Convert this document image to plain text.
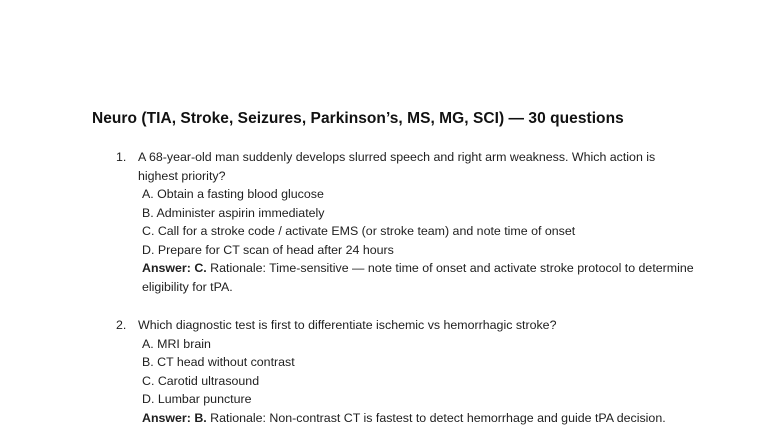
Neuro (TIA, Stroke, Seizures, Parkinson’s, MS, MG, SCI) — 30 questions
1. A 68-year-old man suddenly develops slurred speech and right arm weakness. Which action is highest priority?
A. Obtain a fasting blood glucose
B. Administer aspirin immediately
C. Call for a stroke code / activate EMS (or stroke team) and note time of onset
D. Prepare for CT scan of head after 24 hours
Answer: C. Rationale: Time-sensitive — note time of onset and activate stroke protocol to determine eligibility for tPA.
2. Which diagnostic test is first to differentiate ischemic vs hemorrhagic stroke?
A. MRI brain
B. CT head without contrast
C. Carotid ultrasound
D. Lumbar puncture
Answer: B. Rationale: Non-contrast CT is fastest to detect hemorrhage and guide tPA decision.
